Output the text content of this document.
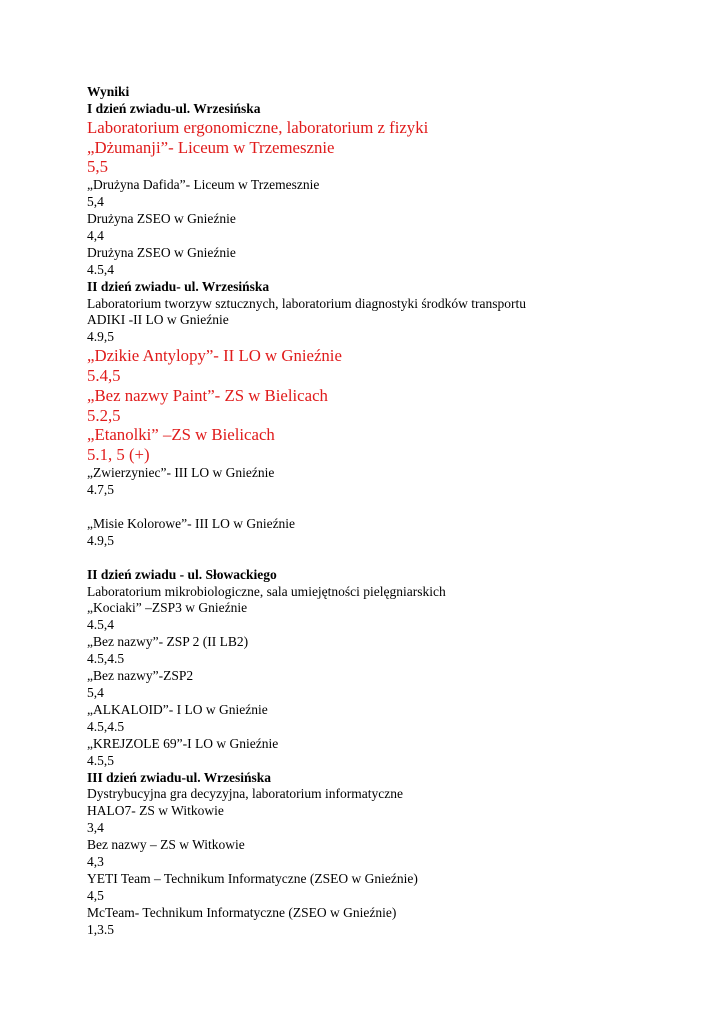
Wyniki
I dzień zwiadu-ul. Wrzesińska
Laboratorium ergonomiczne, laboratorium z fizyki
„Dżumanji”- Liceum w Trzemesznie
5,5
„Drużyna Dafida”- Liceum w Trzemesznie
5,4
Drużyna ZSEO w Gnieźnie
4,4
Drużyna ZSEO w Gnieźnie
4.5,4
II dzień zwiadu- ul. Wrzesińska
Laboratorium tworzyw sztucznych, laboratorium diagnostyki środków transportu
ADIKI -II LO w Gnieźnie
4.9,5
„Dzikie Antylopy”- II LO w Gnieźnie
5.4,5
„Bez nazwy Paint”- ZS w Bielicach
5.2,5
„Etanolki” –ZS w Bielicach
5.1, 5 (+)
„Zwierzyniec”- III LO w Gnieźnie
4.7,5
„Misie Kolorowe”- III LO w Gnieźnie
4.9,5
II dzień zwiadu - ul. Słowackiego
Laboratorium mikrobiologiczne, sala umiejętności pielęgniarskich
„Kociaki” –ZSP3 w Gnieźnie
4.5,4
„Bez nazwy”- ZSP 2 (II LB2)
4.5,4.5
„Bez nazwy”-ZSP2
5,4
„ALKALOID”- I LO w Gnieźnie
4.5,4.5
„KREJZOLE 69”-I LO w Gnieźnie
4.5,5
III dzień zwiadu-ul. Wrzesińska
Dystrybucyjna gra decyzyjna, laboratorium informatyczne
HALO7- ZS w Witkowie
3,4
Bez nazwy – ZS w Witkowie
4,3
YETI Team – Technikum Informatyczne (ZSEO w Gnieźnie)
4,5
McTeam- Technikum Informatyczne (ZSEO w Gnieźnie)
1,3.5
